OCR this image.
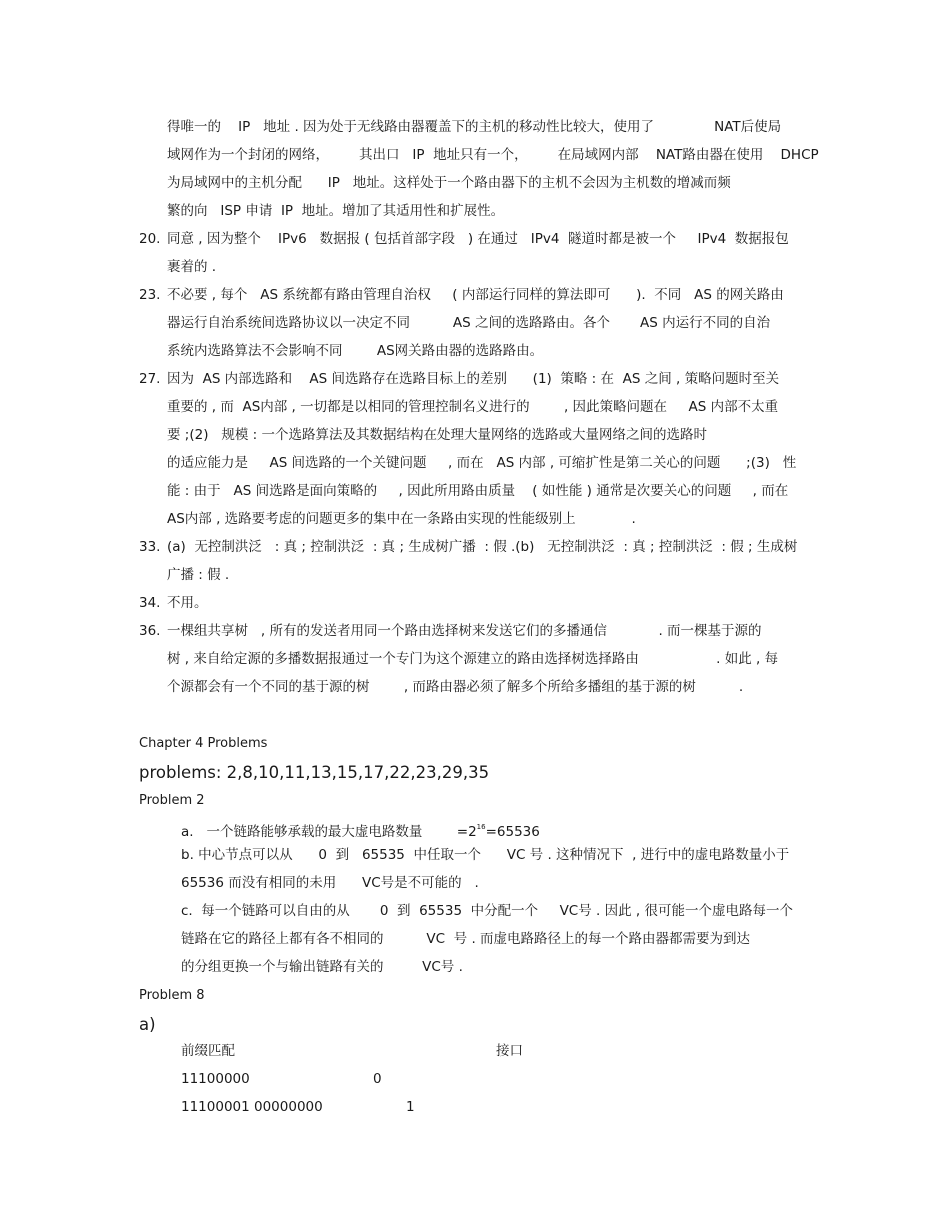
得唯一的    IP   地址 . 因为处于无线路由器覆盖下的主机的移动性比较大，使用了              NAT后使局
域网作为一个封闭的网络，       其出口   IP  地址只有一个，       在局域网内部    NAT路由器在使用    DHCP
为局域网中的主机分配      IP   地址。这样处于一个路由器下的主机不会因为主机数的增减而频
繁的向   ISP 申请  IP  地址。增加了其适用性和扩展性。
20. 同意 , 因为整个    IPv6   数据报 ( 包括首部字段   ) 在通过   IPv4  隧道时都是被一个     IPv4  数据报包
裹着的 .
23. 不必要 , 每个   AS 系统都有路由管理自治权     ( 内部运行同样的算法即可      ).  不同   AS 的网关路由
器运行自治系统间选路协议以一决定不同          AS 之间的选路路由。各个       AS 内运行不同的自治
系统内选路算法不会影响不同        AS网关路由器的选路路由。
27. 因为  AS 内部选路和    AS 间选路存在选路目标上的差别      (1)  策略 : 在  AS 之间 , 策略问题时至关
重要的 , 而  AS内部 , 一切都是以相同的管理控制名义进行的        , 因此策略问题在     AS 内部不太重
要 ;(2)   规模 : 一个选路算法及其数据结构在处理大量网络的选路或大量网络之间的选路时
的适应能力是     AS 间选路的一个关键问题     , 而在   AS 内部 , 可缩扩性是第二关心的问题      ;(3)   性
能 : 由于   AS 间选路是面向策略的     , 因此所用路由质量    ( 如性能 ) 通常是次要关心的问题     , 而在
AS内部 , 选路要考虑的问题更多的集中在一条路由实现的性能级别上             .
33. (a)  无控制洪泛   : 真 ; 控制洪泛  : 真 ; 生成树广播  : 假 .(b)   无控制洪泛  : 真 ; 控制洪泛  : 假 ; 生成树
广播 : 假 .
34. 不用。
36. 一棵组共享树   , 所有的发送者用同一个路由选择树来发送它们的多播通信            . 而一棵基于源的
树 , 来自给定源的多播数据报通过一个专门为这个源建立的路由选择树选择路由                  . 如此 , 每
个源都会有一个不同的基于源的树        , 而路由器必须了解多个所给多播组的基于源的树          .
Chapter 4 Problems
problems: 2,8,10,11,13,15,17,22,23,29,35
Problem 2
a.   一个链路能够承载的最大虚电路数量        $=2^{16}=65536$
b. 中心节点可以从      0  到   65535  中任取一个      VC 号 . 这种情况下  , 进行中的虚电路数量小于
65536 而没有相同的未用      VC号是不可能的   .
c.  每一个链路可以自由的从       0  到  65535  中分配一个     VC号 . 因此 , 很可能一个虚电路每一个
链路在它的路径上都有各不相同的          VC  号 . 而虚电路路径上的每一个路由器都需要为到达
的分组更换一个与输出链路有关的         VC号 .
Problem 8
a)
前缀匹配	接口
11100000	0
11100001 00000000	1
